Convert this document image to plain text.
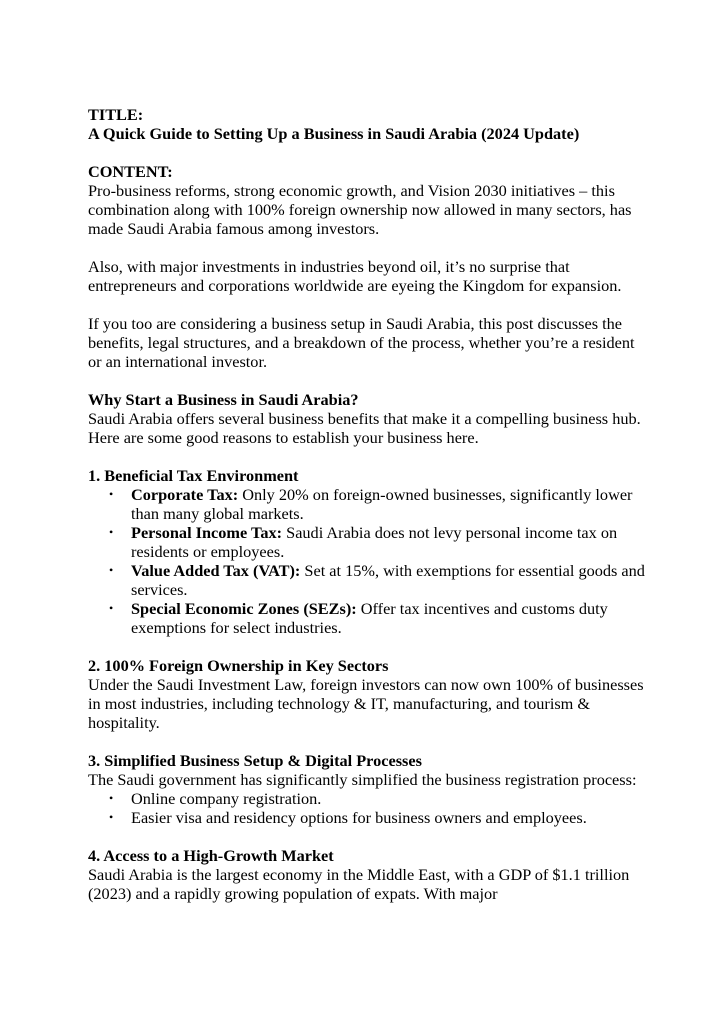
TITLE:

A Quick Guide to Setting Up a Business in Saudi Arabia (2024 Update)

CONTENT:

Pro-business reforms, strong economic growth, and Vision 2030 initiatives – this combination along with 100% foreign ownership now allowed in many sectors, has made Saudi Arabia famous among investors.

Also, with major investments in industries beyond oil, it’s no surprise that entrepreneurs and corporations worldwide are eyeing the Kingdom for expansion.

If you too are considering a business setup in Saudi Arabia, this post discusses the benefits, legal structures, and a breakdown of the process, whether you’re a resident or an international investor.

Why Start a Business in Saudi Arabia?

Saudi Arabia offers several business benefits that make it a compelling business hub. Here are some good reasons to establish your business here.

1. Beneficial Tax Environment

• Corporate Tax: Only 20% on foreign-owned businesses, significantly lower than many global markets.
• Personal Income Tax: Saudi Arabia does not levy personal income tax on residents or employees.
• Value Added Tax (VAT): Set at 15%, with exemptions for essential goods and services.
• Special Economic Zones (SEZs): Offer tax incentives and customs duty exemptions for select industries.

2. 100% Foreign Ownership in Key Sectors

Under the Saudi Investment Law, foreign investors can now own 100% of businesses in most industries, including technology & IT, manufacturing, and tourism & hospitality.

3. Simplified Business Setup & Digital Processes

The Saudi government has significantly simplified the business registration process:

• Online company registration.
• Easier visa and residency options for business owners and employees.

4. Access to a High-Growth Market

Saudi Arabia is the largest economy in the Middle East, with a GDP of $1.1 trillion (2023) and a rapidly growing population of expats. With major
